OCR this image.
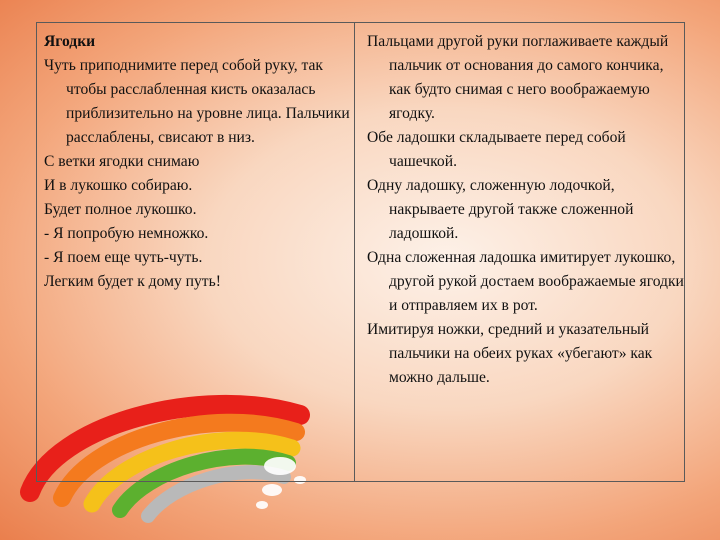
Ягодки

Чуть приподнимите перед собой руку, так чтобы расслабленная кисть оказалась приблизительно на уровне лица. Пальчики расслаблены, свисают в низ.

С ветки ягодки снимаю

И в лукошко собираю.

Будет полное лукошко.

- Я попробую немножко.

- Я поем еще чуть-чуть.

Легким будет к дому путь!

Пальцами другой руки поглаживаете каждый пальчик от основания до самого кончика, как будто снимая с него воображаемую ягодку.

Обе ладошки складываете перед собой чашечкой.

Одну ладошку, сложенную лодочкой, накрываете другой также сложенной ладошкой.

Одна сложенная ладошка имитирует лукошко, другой рукой достаем воображаемые ягодки и отправляем их в рот.

Имитируя ножки, средний и указательный пальчики на обеих руках «убегают» как можно дальше.
